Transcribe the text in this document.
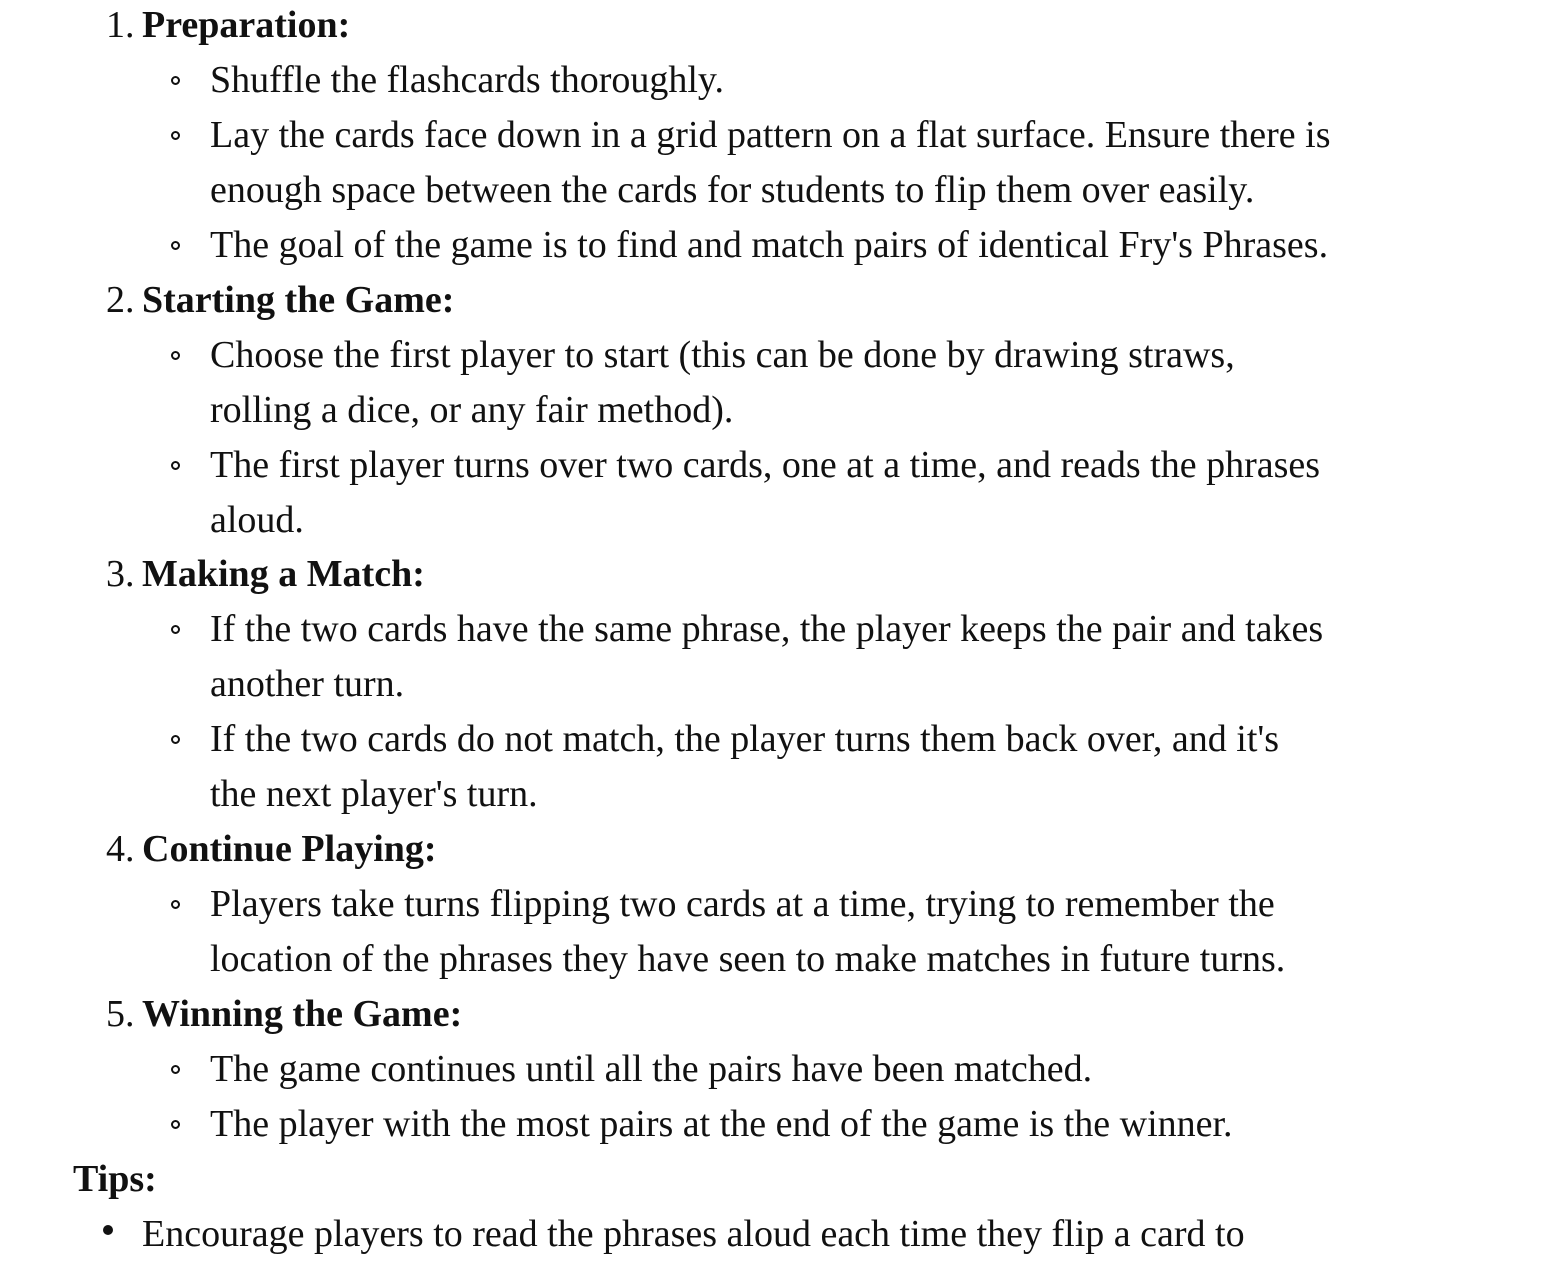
1. Preparation:
Shuffle the flashcards thoroughly.
Lay the cards face down in a grid pattern on a flat surface. Ensure there is
enough space between the cards for students to flip them over easily.
The goal of the game is to find and match pairs of identical Fry's Phrases.
2. Starting the Game:
Choose the first player to start (this can be done by drawing straws,
rolling a dice, or any fair method).
The first player turns over two cards, one at a time, and reads the phrases
aloud.
3. Making a Match:
If the two cards have the same phrase, the player keeps the pair and takes
another turn.
If the two cards do not match, the player turns them back over, and it's
the next player's turn.
4. Continue Playing:
Players take turns flipping two cards at a time, trying to remember the
location of the phrases they have seen to make matches in future turns.
5. Winning the Game:
The game continues until all the pairs have been matched.
The player with the most pairs at the end of the game is the winner.
Tips:
Encourage players to read the phrases aloud each time they flip a card to
